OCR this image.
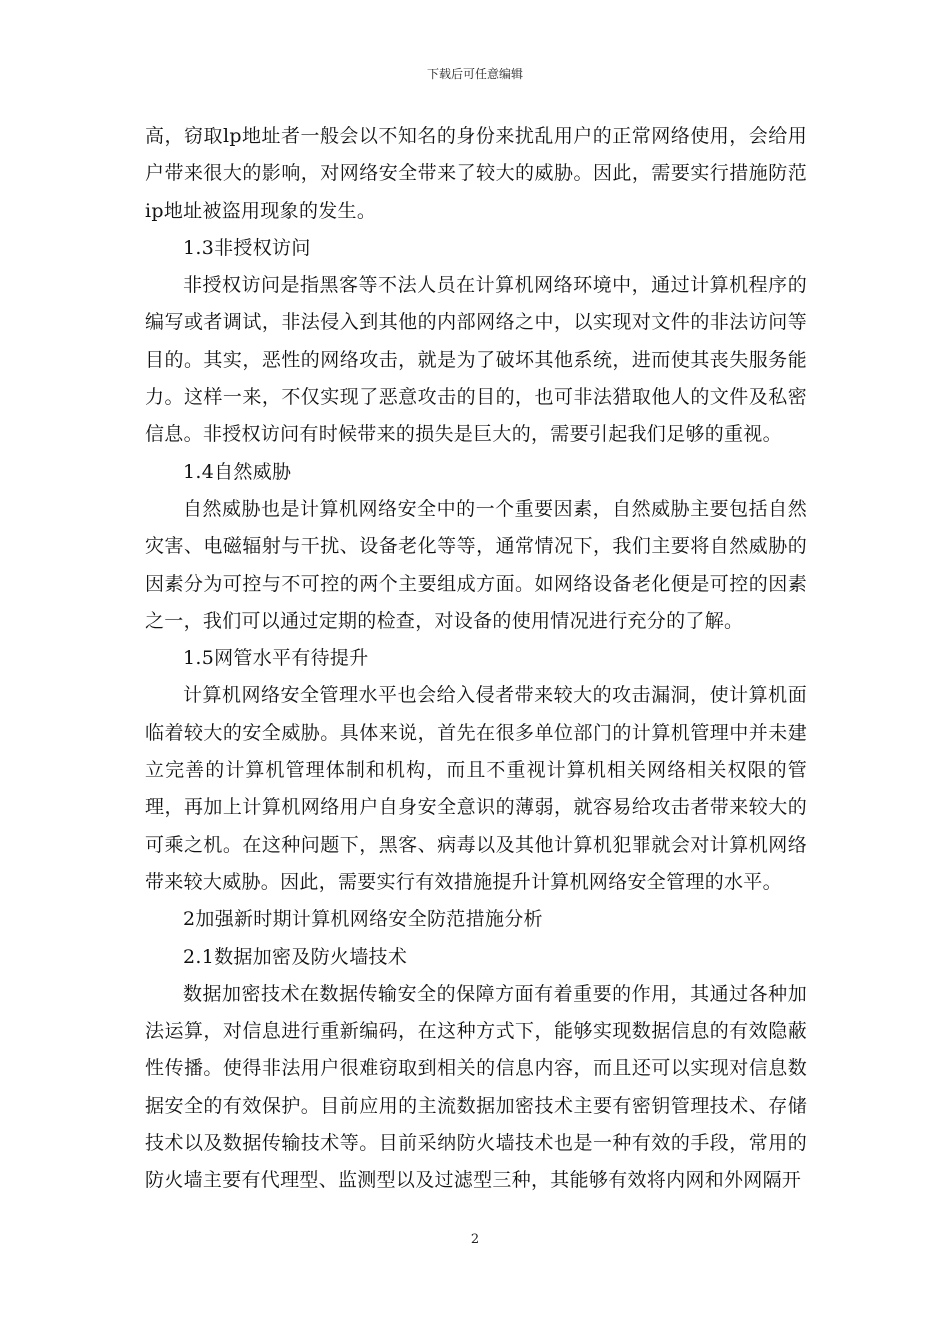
下载后可任意编辑

高，窃取lp地址者一般会以不知名的身份来扰乱用户的正常网络使用，会给用户带来很大的影响，对网络安全带来了较大的威胁。因此，需要实行措施防范ip地址被盗用现象的发生。

1.3非授权访问

非授权访问是指黑客等不法人员在计算机网络环境中，通过计算机程序的编写或者调试，非法侵入到其他的内部网络之中，以实现对文件的非法访问等目的。其实，恶性的网络攻击，就是为了破坏其他系统，进而使其丧失服务能力。这样一来，不仅实现了恶意攻击的目的，也可非法猎取他人的文件及私密信息。非授权访问有时候带来的损失是巨大的，需要引起我们足够的重视。

1.4自然威胁

自然威胁也是计算机网络安全中的一个重要因素，自然威胁主要包括自然灾害、电磁辐射与干扰、设备老化等等，通常情况下，我们主要将自然威胁的因素分为可控与不可控的两个主要组成方面。如网络设备老化便是可控的因素之一，我们可以通过定期的检查，对设备的使用情况进行充分的了解。

1.5网管水平有待提升

计算机网络安全管理水平也会给入侵者带来较大的攻击漏洞，使计算机面临着较大的安全威胁。具体来说，首先在很多单位部门的计算机管理中并未建立完善的计算机管理体制和机构，而且不重视计算机相关网络相关权限的管理，再加上计算机网络用户自身安全意识的薄弱，就容易给攻击者带来较大的可乘之机。在这种问题下，黑客、病毒以及其他计算机犯罪就会对计算机网络带来较大威胁。因此，需要实行有效措施提升计算机网络安全管理的水平。

2加强新时期计算机网络安全防范措施分析

2.1数据加密及防火墙技术

数据加密技术在数据传输安全的保障方面有着重要的作用，其通过各种加法运算，对信息进行重新编码，在这种方式下，能够实现数据信息的有效隐蔽性传播。使得非法用户很难窃取到相关的信息内容，而且还可以实现对信息数据安全的有效保护。目前应用的主流数据加密技术主要有密钥管理技术、存储技术以及数据传输技术等。目前采纳防火墙技术也是一种有效的手段，常用的防火墙主要有代理型、监测型以及过滤型三种，其能够有效将内网和外网隔开

2
